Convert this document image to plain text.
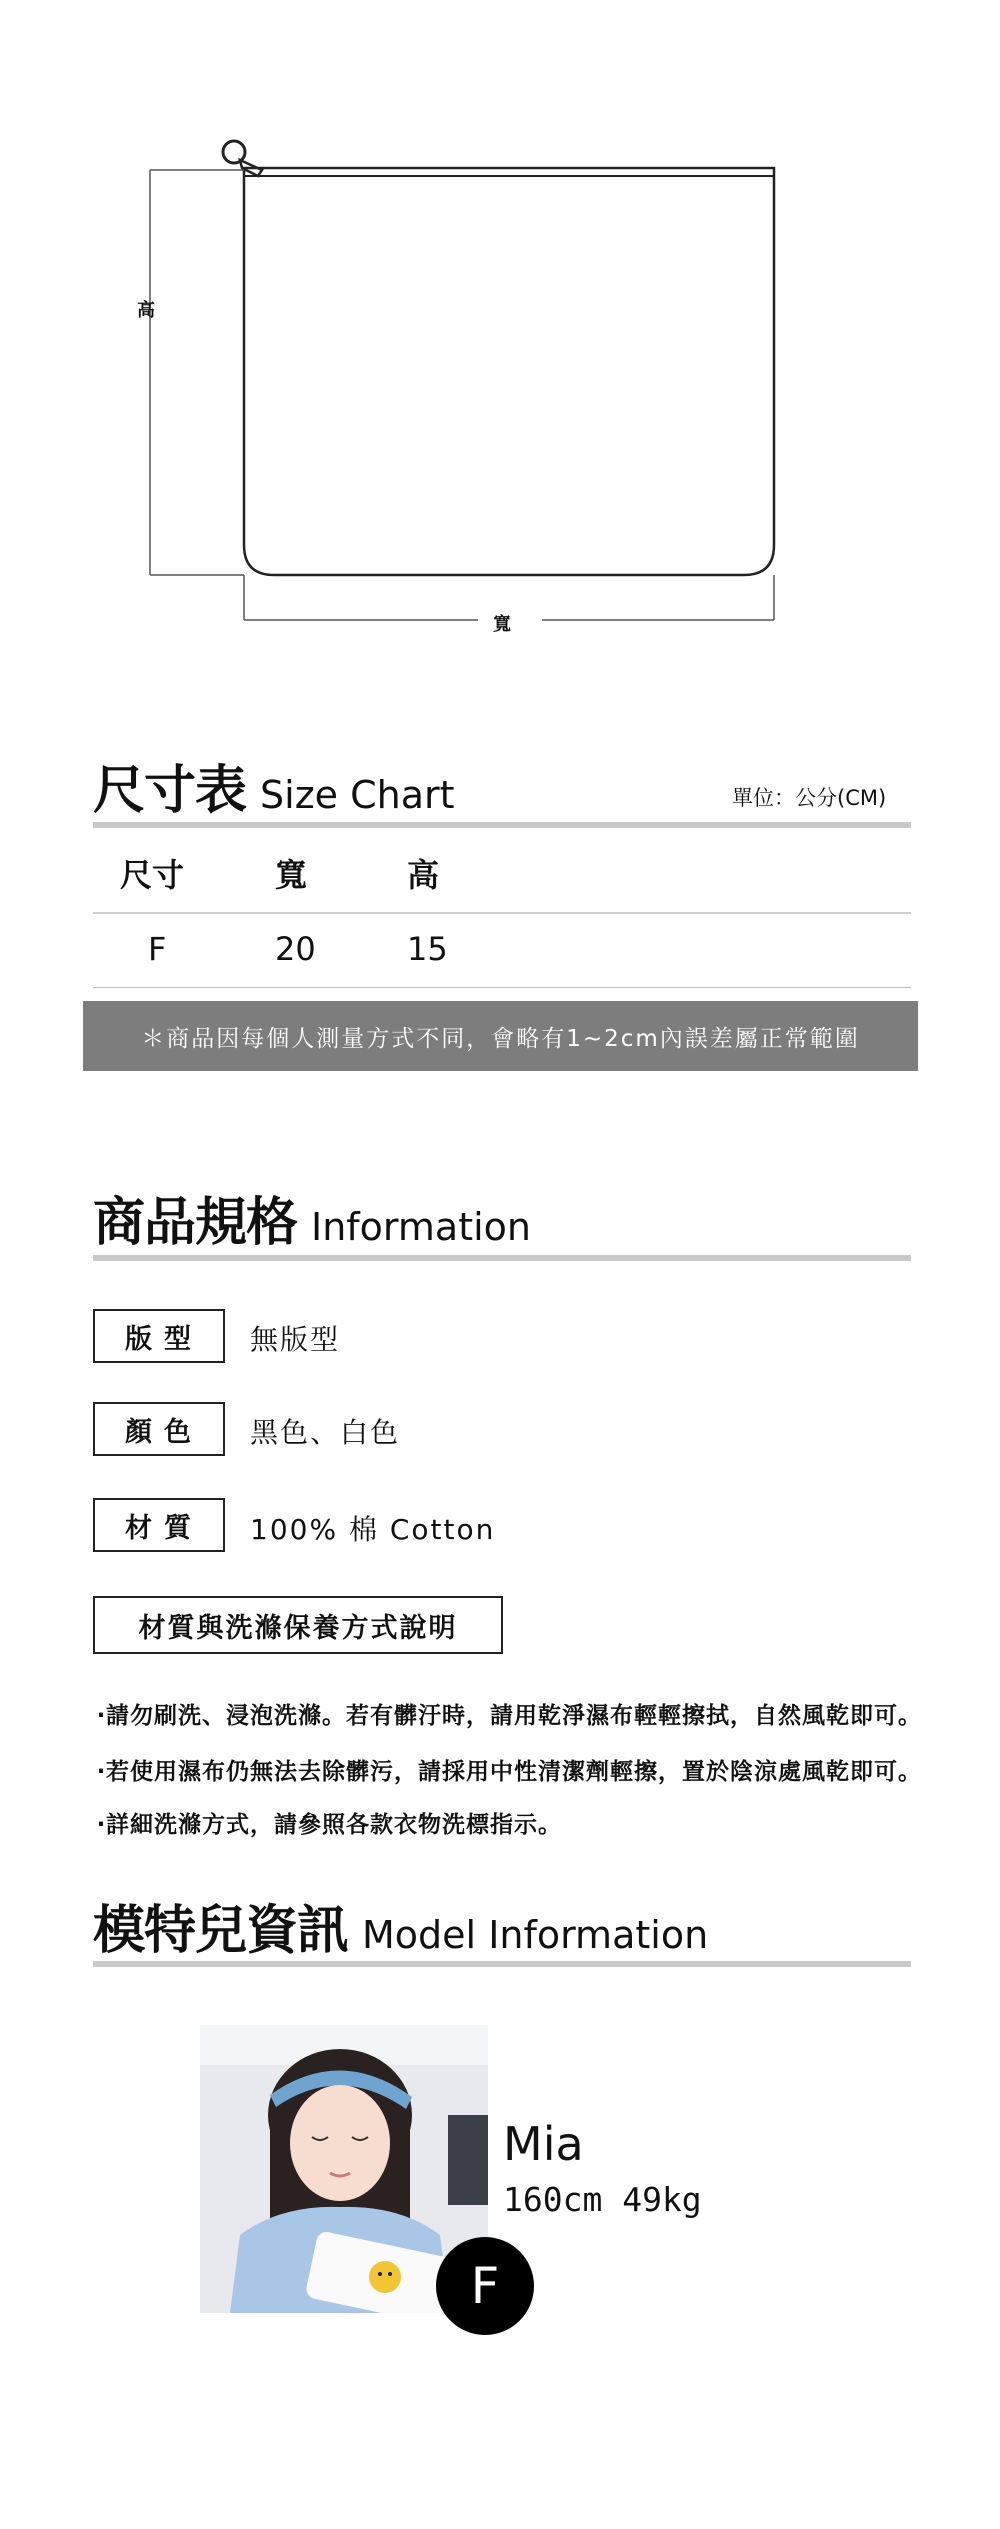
高
寬
尺寸表 Size Chart	單位：公分(CM)
尺寸	寬	高
F	20	15
＊商品因每個人測量方式不同，會略有1~2cm內誤差屬正常範圍
商品規格 Information
版型	無版型
顏色	黑色、白色
材質	100% 棉 Cotton
材質與洗滌保養方式說明
‧請勿刷洗、浸泡洗滌。若有髒汙時，請用乾淨濕布輕輕擦拭，自然風乾即可。
‧若使用濕布仍無法去除髒污，請採用中性清潔劑輕擦，置於陰涼處風乾即可。
‧詳細洗滌方式，請參照各款衣物洗標指示。
模特兒資訊 Model Information
F
Mia
160cm 49kg
